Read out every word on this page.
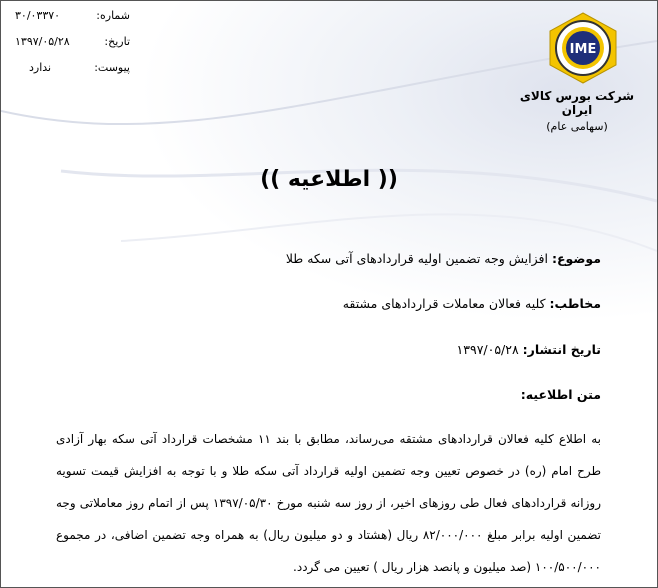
شماره:
۳۰/۰۳۳۷۰
تاریخ:
۱۳۹۷/۰۵/۲۸
پیوست:
ندارد
IME
شرکت بورس کالای ایران
(سهامی عام)
(( اطلاعیه ))
موضوع: افزایش وجه تضمین اولیه قراردادهای آتی سکه طلا
مخاطب: کلیه فعالان معاملات قراردادهای مشتقه
تاریخ انتشار: ۱۳۹۷/۰۵/۲۸
متن اطلاعیه:
به اطلاع کلیه فعالان قراردادهای مشتقه می‌رساند، مطابق با بند ۱۱ مشخصات قرارداد آتی سکه بهار آزادی طرح امام (ره) در خصوص تعیین وجه تضمین اولیه قرارداد آتی سکه طلا و با توجه به افزایش قیمت تسویه روزانه قراردادهای فعال طی روزهای اخیر، از روز سه شنبه مورخ ۱۳۹۷/۰۵/۳۰ پس از اتمام روز معاملاتی وجه تضمین اولیه برابر مبلغ ۸۲/۰۰۰/۰۰۰ ریال (هشتاد و دو میلیون ریال) به همراه وجه تضمین اضافی، در مجموع ۱۰۰/۵۰۰/۰۰۰ (صد میلیون و پانصد هزار ریال ) تعیین می گردد.
